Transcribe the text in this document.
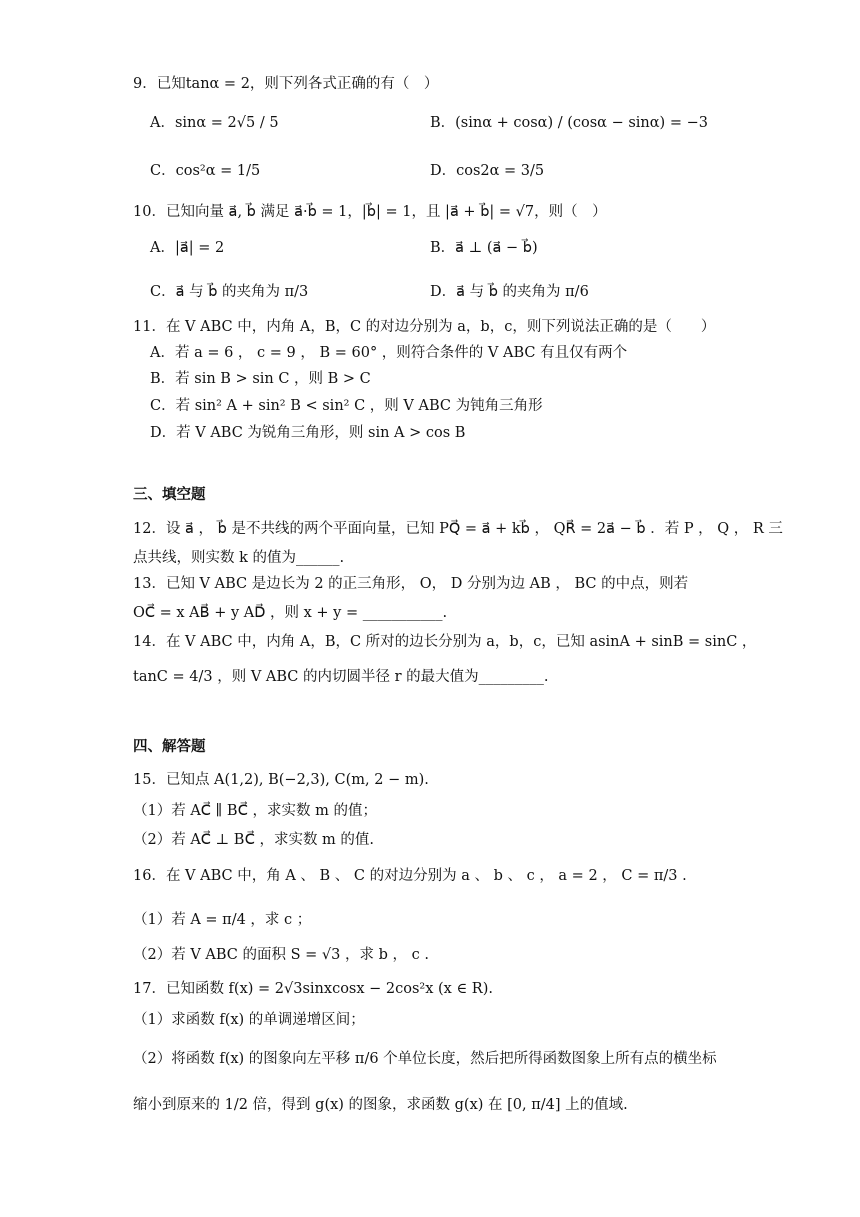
9．已知tanα = 2，则下列各式正确的有（　）
A．sinα = 2√5 / 5	B．(sinα + cosα) / (cosα − sinα) = −3
C．cos²α = 1/5	D．cos2α = 3/5
10．已知向量 a⃗, b⃗ 满足 a⃗·b⃗ = 1，|b⃗| = 1，且 |a⃗ + b⃗| = √7，则（　）
A．|a⃗| = 2	B．a⃗ ⊥ (a⃗ − b⃗)
C．a⃗ 与 b⃗ 的夹角为 π/3	D．a⃗ 与 b⃗ 的夹角为 π/6
11．在 V ABC 中，内角 A，B，C 的对边分别为 a，b，c，则下列说法正确的是（　　）
A．若 a = 6 ， c = 9 ， B = 60° ，则符合条件的 V ABC 有且仅有两个
B．若 sin B > sin C ，则 B > C
C．若 sin² A + sin² B < sin² C ，则 V ABC 为钝角三角形
D．若 V ABC 为锐角三角形，则 sin A > cos B
三、填空题
12．设 a⃗ ， b⃗ 是不共线的两个平面向量，已知 PQ⃗ = a⃗ + kb⃗ ， QR⃗ = 2a⃗ − b⃗ ．若 P ， Q ， R 三
点共线，则实数 k 的值为______.
13．已知 V ABC 是边长为 2 的正三角形， O， D 分别为边 AB ， BC 的中点，则若
OC⃗ = x AB⃗ + y AD⃗ ，则 x + y = ___________.
14．在 V ABC 中，内角 A，B，C 所对的边长分别为 a，b，c，已知 asinA + sinB = sinC ，
tanC = 4/3 ，则 V ABC 的内切圆半径 r 的最大值为_________.
四、解答题
15．已知点 A(1,2), B(−2,3), C(m, 2 − m).
（1）若 AC⃗ ∥ BC⃗ ，求实数 m 的值；
（2）若 AC⃗ ⊥ BC⃗ ，求实数 m 的值.
16．在 V ABC 中，角 A 、 B 、 C 的对边分别为 a 、 b 、 c ， a = 2 ， C = π/3 .
（1）若 A = π/4 ，求 c ；
（2）若 V ABC 的面积 S = √3 ，求 b ， c .
17．已知函数 f(x) = 2√3sinxcosx − 2cos²x (x ∈ R).
（1）求函数 f(x) 的单调递增区间；
（2）将函数 f(x) 的图象向左平移 π/6 个单位长度，然后把所得函数图象上所有点的横坐标
缩小到原来的 1/2 倍，得到 g(x) 的图象，求函数 g(x) 在 [0, π/4] 上的值域.
